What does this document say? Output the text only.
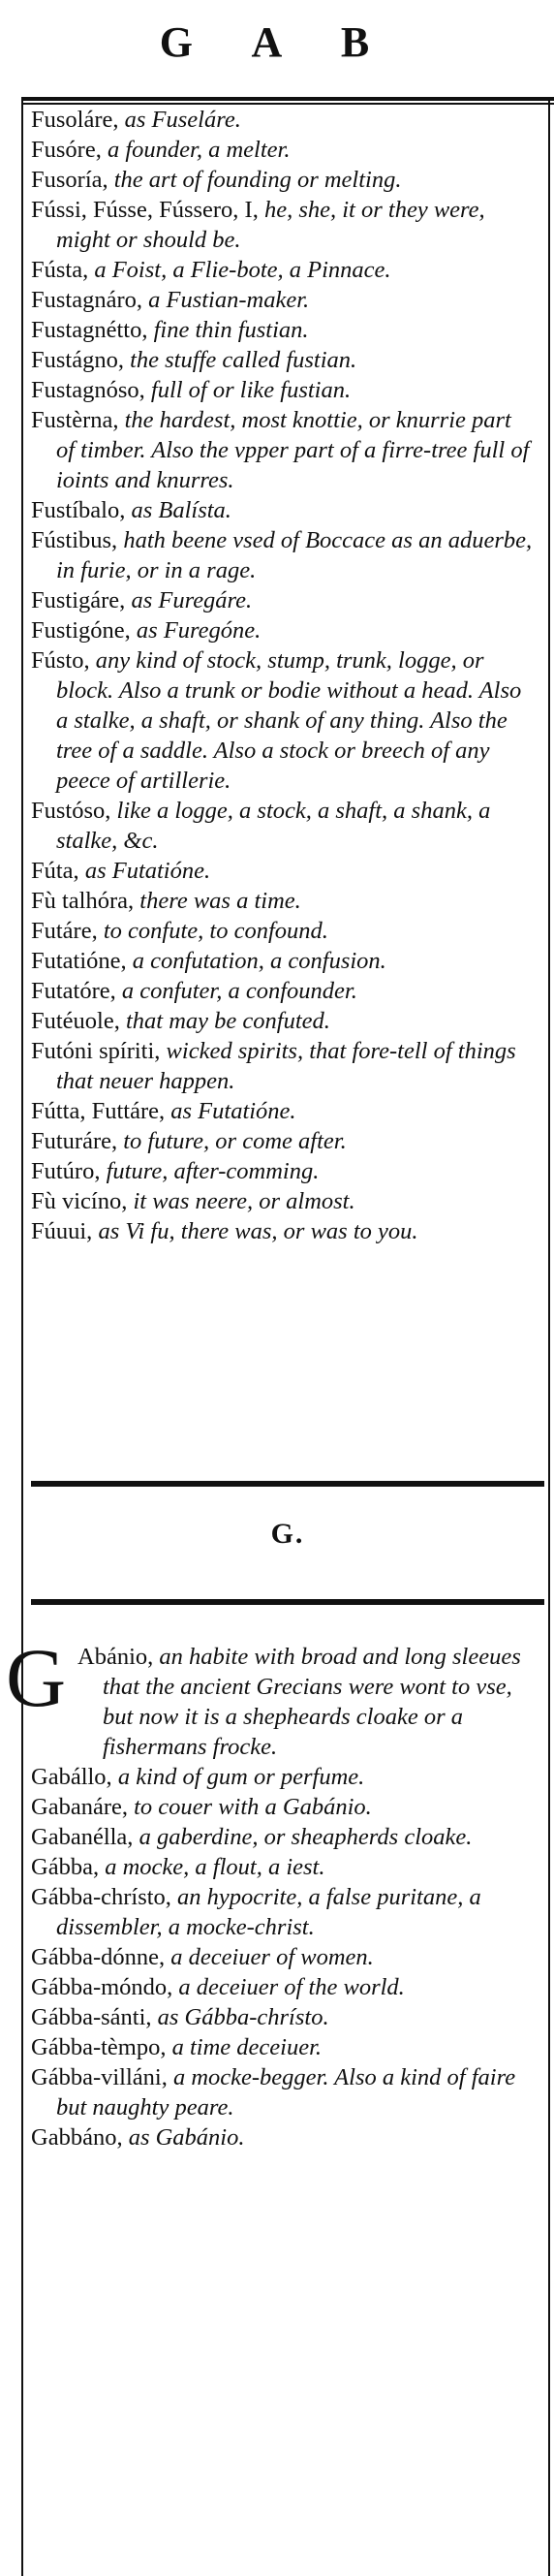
G A B

Fusoláre, as Fuseláre.

Fusóre, a founder, a melter.

Fusoría, the art of founding or melting.

Fússi, Fússe, Fússero, I, he, she, it or they were, might or should be.

Fústa, a Foist, a Flie-bote, a Pinnace.

Fustagnáro, a Fustian-maker.

Fustagnétto, fine thin fustian.

Fustágno, the stuffe called fustian.

Fustagnóso, full of or like fustian.

Fustèrna, the hardest, most knottie, or knurrie part of timber. Also the vpper part of a firre-tree full of ioints and knurres.

Fustíbalo, as Balísta.

Fústibus, hath beene vsed of Boccace as an aduerbe, in furie, or in a rage.

Fustigáre, as Furegáre.

Fustigóne, as Furegóne.

Fústo, any kind of stock, stump, trunk, logge, or block. Also a trunk or bodie without a head. Also a stalke, a shaft, or shank of any thing. Also the tree of a saddle. Also a stock or breech of any peece of artillerie.

Fustóso, like a logge, a stock, a shaft, a shank, a stalke, &c.

Fúta, as Futatióne.

Fù talhóra, there was a time.

Futáre, to confute, to confound.

Futatióne, a confutation, a confusion.

Futatóre, a confuter, a confounder.

Futéuole, that may be confuted.

Futóni spíriti, wicked spirits, that fore-tell of things that neuer happen.

Fútta, Futtáre, as Futatióne.

Futuráre, to future, or come after.

Futúro, future, after-comming.

Fù vicíno, it was neere, or almost.

Fúuui, as Vi fu, there was, or was to you.

G.

G Abánio, an habite with broad and long sleeues that the ancient Grecians were wont to vse, but now it is a shepheards cloake or a fishermans frocke.

Gabállo, a kind of gum or perfume.

Gabanáre, to couer with a Gabánio.

Gabanélla, a gaberdine, or sheapherds cloake.

Gábba, a mocke, a flout, a iest.

Gábba-chrísto, an hypocrite, a false puritane, a dissembler, a mocke-christ.

Gábba-dónne, a deceiuer of women.

Gábba-móndo, a deceiuer of the world.

Gábba-sánti, as Gábba-chrísto.

Gábba-tèmpo, a time deceiuer.

Gábba-villáni, a mocke-begger. Also a kind of faire but naughty peare.

Gabbáno, as Gabánio.
